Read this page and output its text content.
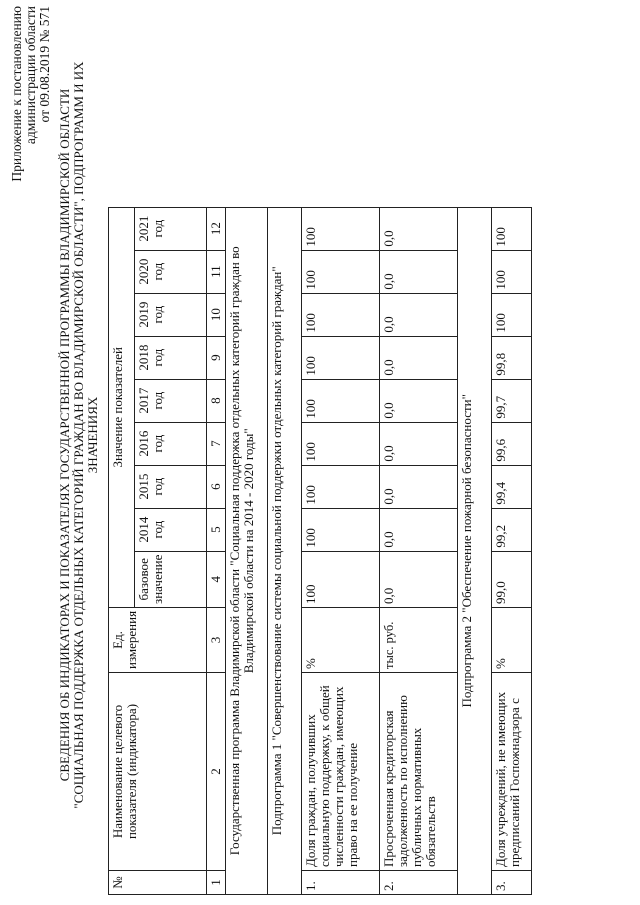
Приложение к постановлению администрации области от 09.08.2019 № 571
СВЕДЕНИЯ ОБ ИНДИКАТОРАХ И ПОКАЗАТЕЛЯХ ГОСУДАРСТВЕННОЙ ПРОГРАММЫ ВЛАДИМИРСКОЙ ОБЛАСТИ "СОЦИАЛЬНАЯ ПОДДЕРЖКА ОТДЕЛЬНЫХ КАТЕГОРИЙ ГРАЖДАН ВО ВЛАДИМИРСКОЙ ОБЛАСТИ", ПОДПРОГРАММ И ИХ ЗНАЧЕНИЯХ
№	Наименование целевого показателя (индикатора)	Ед. измерения	Значение показателей								
			базовое значение	2014 год	2015 год	2016 год	2017 год	2018 год	2019 год	2020 год	2021 год
1	2	3	4	5	6	7	8	9	10	11	12
Государственная программа Владимирской области "Социальная поддержка отдельных категорий граждан во Владимирской области на 2014 - 2020 годы"											
Подпрограмма 1 "Совершенствование системы социальной поддержки отдельных категорий граждан"											
1.	Доля граждан, получивших социальную поддержку, к общей численности граждан, имеющих право на ее получение	%	100	100	100	100	100	100	100	100	100
2.	Просроченная кредиторская задолженность по исполнению публичных нормативных обязательств	тыс. руб.	0,0	0,0	0,0	0,0	0,0	0,0	0,0	0,0	0,0
Подпрограмма 2 "Обеспечение пожарной безопасности"											
3.	Доля учреждений, не имеющих предписаний Госпожнадзора с	%	99,0	99,2	99,4	99,6	99,7	99,8	100	100	100
